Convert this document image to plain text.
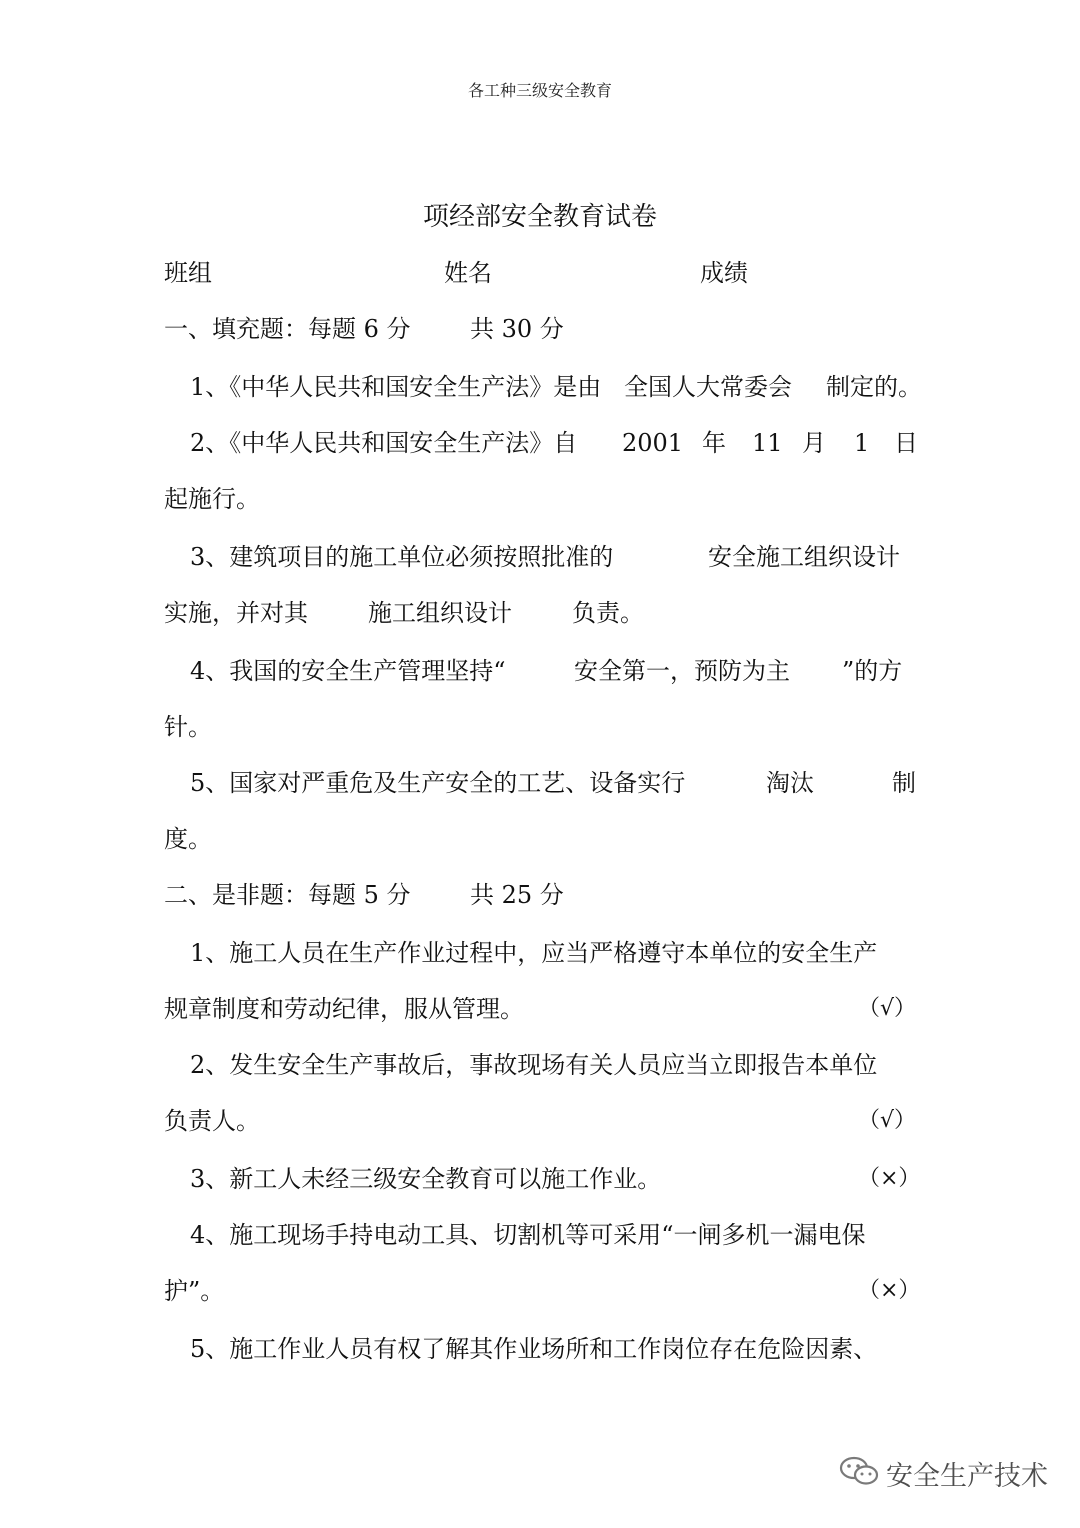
各工种三级安全教育
项经部安全教育试卷
班组	姓名	成绩
一、填充题：每题 6 分 共 30 分
1、《中华人民共和国安全生产法》是由 全国人大常委会 制定的。
2、《中华人民共和国安全生产法》自 2001 年 11 月 1 日
起施行。
3、建筑项目的施工单位必须按照批准的	安全施工组织设计
实施，并对其	施工组织设计	负责。
4、我国的安全生产管理坚持“	安全第一，预防为主 ”的方
针。
5、国家对严重危及生产安全的工艺、设备实行	淘汰	制
度。
二、是非题：每题 5 分 共 25 分
1、施工人员在生产作业过程中，应当严格遵守本单位的安全生产
规章制度和劳动纪律，服从管理。	（√）
2、发生安全生产事故后，事故现场有关人员应当立即报告本单位
负责人。	（√）
3、新工人未经三级安全教育可以施工作业。	（×）
4、施工现场手持电动工具、切割机等可采用“一闸多机一漏电保
护”。	（×）
5、施工作业人员有权了解其作业场所和工作岗位存在危险因素、
安全生产技术
